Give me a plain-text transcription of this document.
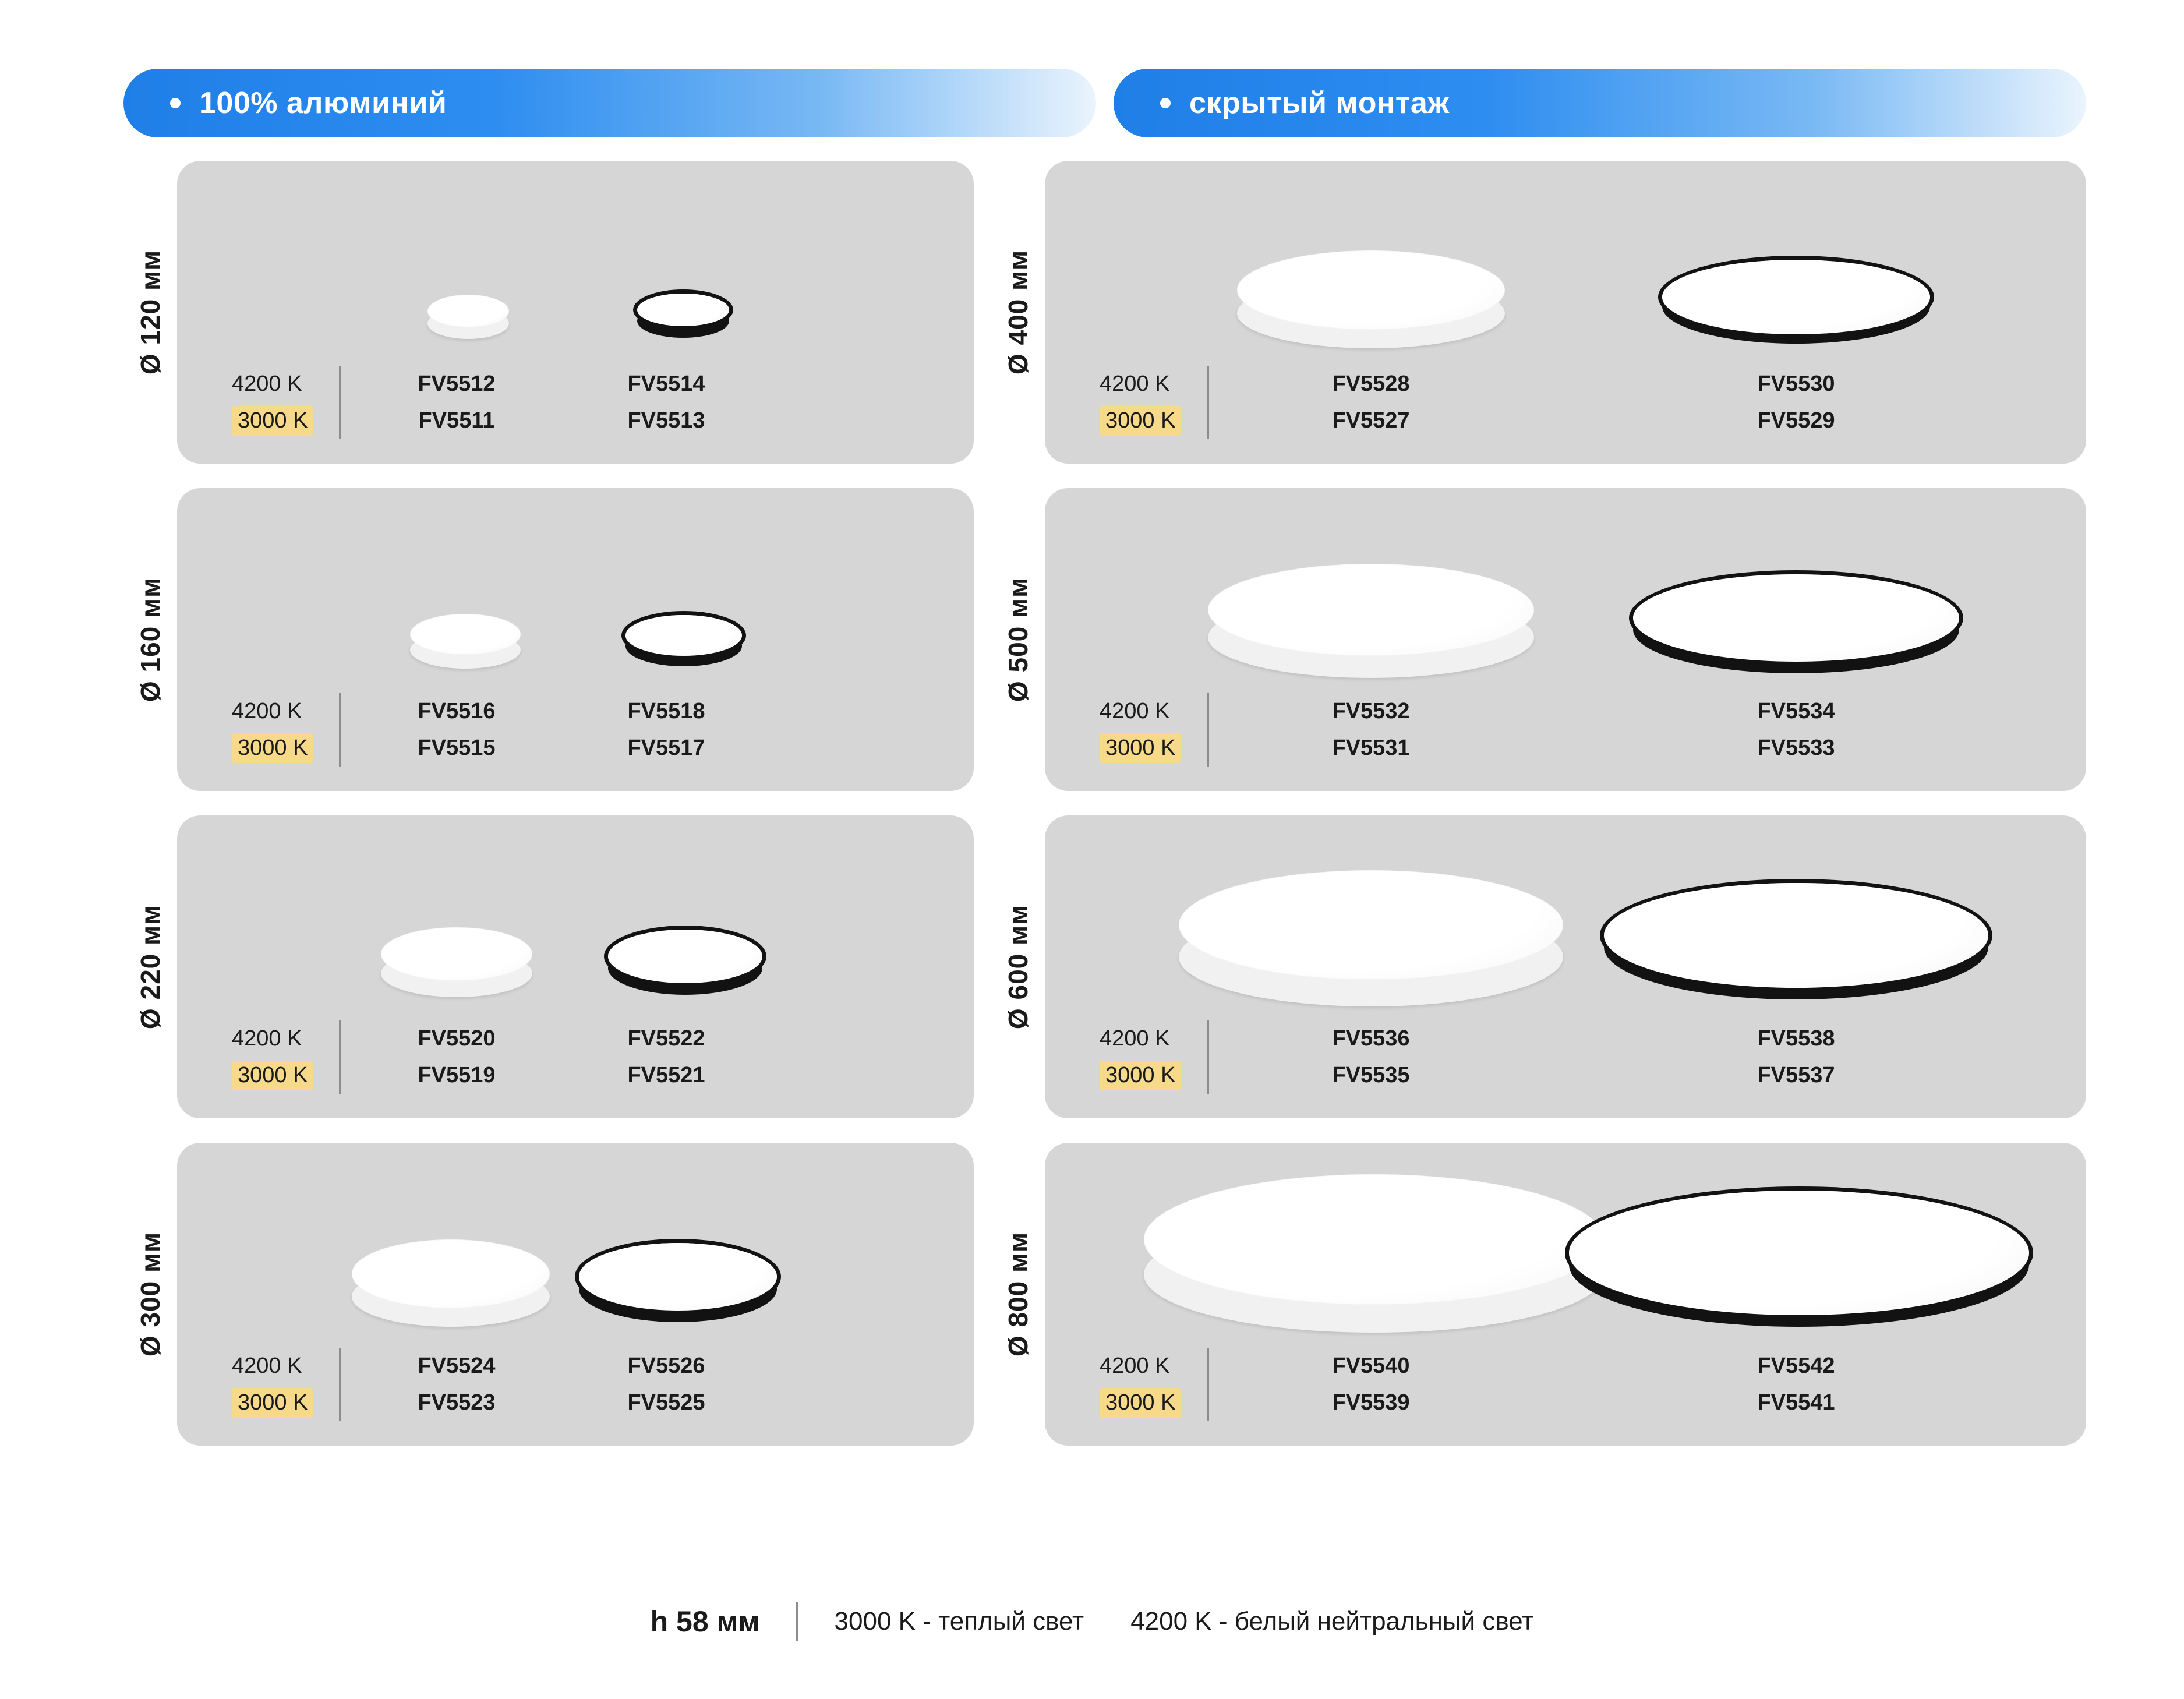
100% алюминий	скрытый монтаж
Ø 120 мм
4200 K
3000 K
FV5512
FV5511
FV5514
FV5513
Ø 400 мм
4200 K
3000 K
FV5528
FV5527
FV5530
FV5529
Ø 160 мм
4200 K
3000 K
FV5516
FV5515
FV5518
FV5517
Ø 500 мм
4200 K
3000 K
FV5532
FV5531
FV5534
FV5533
Ø 220 мм
4200 K
3000 K
FV5520
FV5519
FV5522
FV5521
Ø 600 мм
4200 K
3000 K
FV5536
FV5535
FV5538
FV5537
Ø 300 мм
4200 K
3000 K
FV5524
FV5523
FV5526
FV5525
Ø 800 мм
4200 K
3000 K
FV5540
FV5539
FV5542
FV5541
h 58 мм	3000 K - теплый свет 4200 K - белый нейтральный свет
